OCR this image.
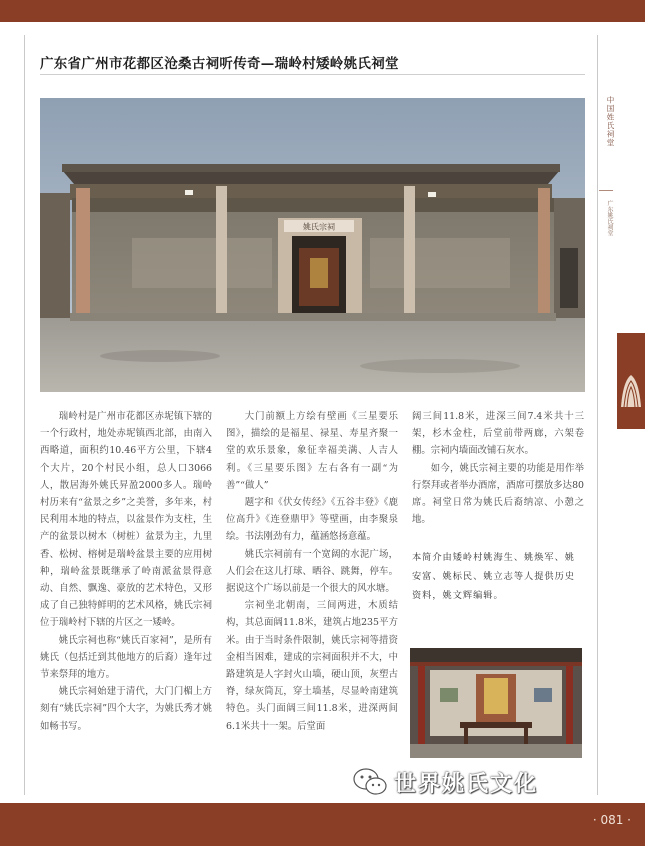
广东省广州市花都区沧桑古祠听传奇—瑞岭村矮岭姚氏祠堂
中国姓氏祠堂
广东姚氏祠堂
姚氏宗祠

瑞岭村是广州市花都区赤坭镇下辖的一个行政村，地处赤坭镇西北部，由南入西略道，面积约10.46平方公里，下辖4个大片，20个村民小组，总人口3066人，散居海外姚氏昇盈2000多人。瑞岭村历来有“盆景之乡”之美誉，多年来，村民利用本地的特点，以盆景作为支柱，生产的盆景以树木（树桩）盆景为主，九里香、松树、榕树是瑞岭盆景主要的应用树种，瑞岭盆景既继承了岭南派盆景得意动、自然、飘逸、豪放的艺术特色，又形成了自己独特鲜明的艺术风格，姚氏宗祠位于瑞岭村下辖的片区之一矮岭。

姚氏宗祠也称“姚氏百家祠”，是所有姚氏（包括迁到其他地方的后裔）逢年过节来祭拜的地方。

姚氏宗祠始建于清代，大门门楣上方刻有“姚氏宗祠”四个大字，为姚氏秀才姚如畅书写。

大门前额上方绘有壁画《三星要乐图》，描绘的是福星、禄星、寿星齐聚一堂的欢乐景象，象征幸福美满、人吉人利。《三星要乐图》左右各有一副“为善”“做人”

题字和《伏女传经》《五谷丰登》《鹿位高升》《连登鼎甲》等壁画，由李聚泉绘。书法刚劲有力，蕴涵悠扬意蕴。

姚氏宗祠前有一个宽阔的水泥广场，人们会在这儿打球、晒谷、跳舞，停车。据说这个广场以前是一个很大的风水塘。

宗祠坐北朝南，三间两进，木质结构，其总面阔11.8米，建筑占地235平方米。由于当时条件限制，姚氏宗祠等措资金相当困难，建成的宗祠面积并不大，中路建筑是人字封火山墙，硬山顶，灰塑古脊，绿灰筒瓦，穿土墙基，尽显岭南建筑特色。头门面阔三间11.8米，进深两间6.1米共十一架。后堂面

阔三间11.8米，进深三间7.4米共十三架，杉木金柱，后堂前带两廊，六架卷棚。宗祠内墙面改铺石灰水。

如今，姚氏宗祠主要的功能是用作举行祭拜或者举办酒席，酒席可摆放多达80席。祠堂日常为姚氏后裔纳凉、小憩之地。

本简介由矮岭村姚海生、姚焕军、姚安富、姚标民、姚立志等人提供历史资料，姚文辉编辑。
世界姚氏文化
· 081 ·
